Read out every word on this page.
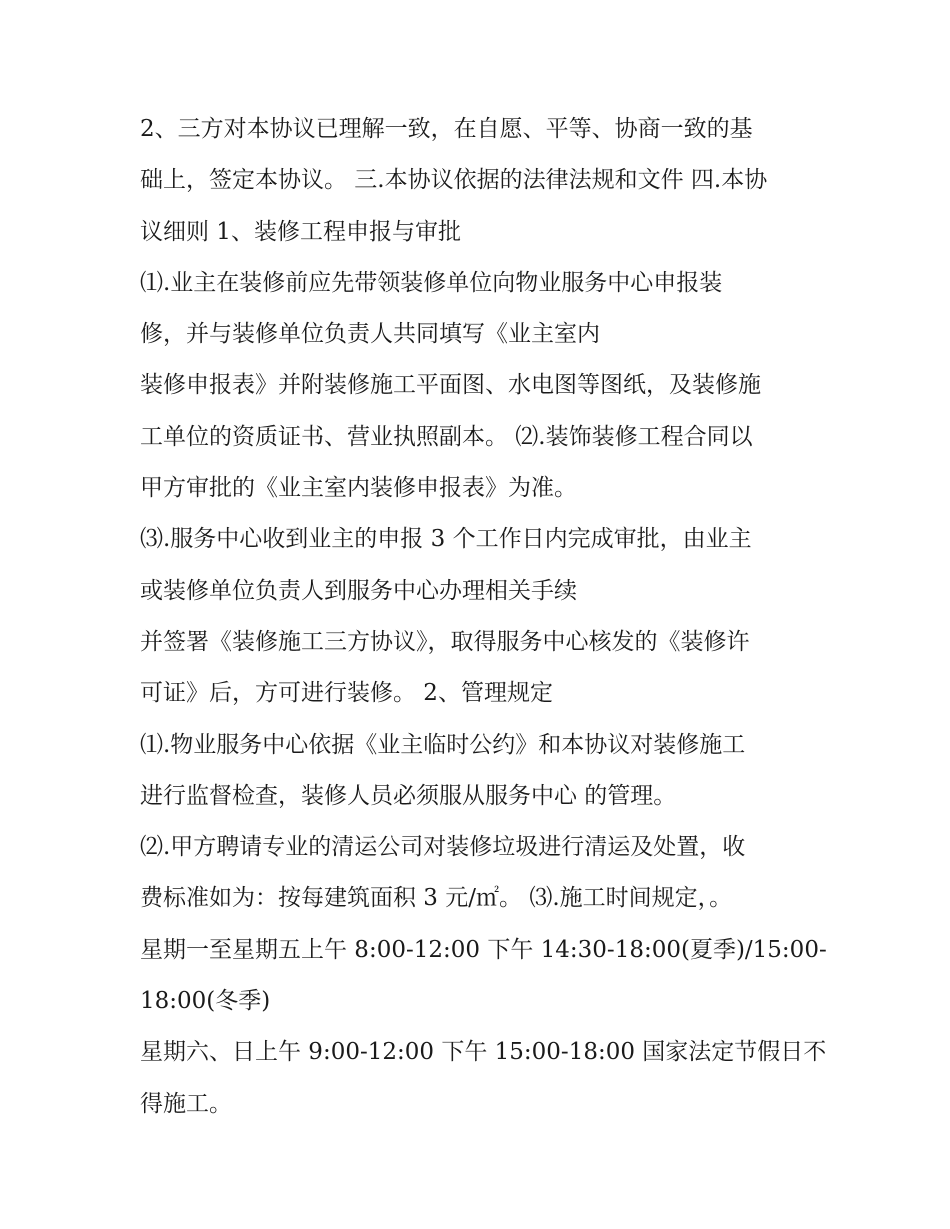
2、三方对本协议已理解一致，在自愿、平等、协商一致的基
础上，签定本协议。 三.本协议依据的法律法规和文件 四.本协
议细则 1、装修工程申报与审批
⑴.业主在装修前应先带领装修单位向物业服务中心申报装
修，并与装修单位负责人共同填写《业主室内
装修申报表》并附装修施工平面图、水电图等图纸，及装修施
工单位的资质证书、营业执照副本。 ⑵.装饰装修工程合同以
甲方审批的《业主室内装修申报表》为准。
⑶.服务中心收到业主的申报 3 个工作日内完成审批，由业主
或装修单位负责人到服务中心办理相关手续
并签署《装修施工三方协议》，取得服务中心核发的《装修许
可证》后，方可进行装修。 2、管理规定
⑴.物业服务中心依据《业主临时公约》和本协议对装修施工
进行监督检查，装修人员必须服从服务中心 的管理。
⑵.甲方聘请专业的清运公司对装修垃圾进行清运及处置，收
费标准如为：按每建筑面积 3 元/㎡。 ⑶.施工时间规定，。
星期一至星期五上午 8:00-12:00 下午 14:30-18:00(夏季)/15:00-
18:00(冬季)
星期六、日上午 9:00-12:00 下午 15:00-18:00 国家法定节假日不
得施工。
